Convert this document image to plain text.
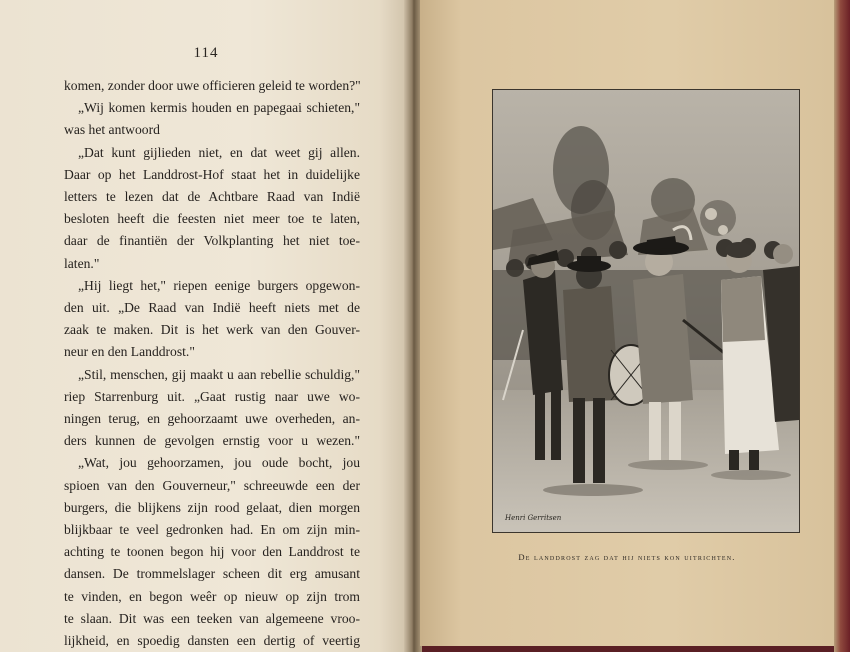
114
komen, zonder door uwe officieren geleid te worden?"
„Wij komen kermis houden en papegaai schieten,"
was het antwoord
„Dat kunt gijlieden niet, en dat weet gij allen.
Daar op het Landdrost-Hof staat het in duidelijke
letters te lezen dat de Achtbare Raad van Indië
besloten heeft die feesten niet meer toe te laten,
daar de finantiën der Volkplanting het niet toe-
laten."
„Hij liegt het," riepen eenige burgers opgewon-
den uit. „De Raad van Indië heeft niets met de
zaak te maken. Dit is het werk van den Gouver-
neur en den Landdrost."
„Stil, menschen, gij maakt u aan rebellie schuldig,"
riep Starrenburg uit. „Gaat rustig naar uwe wo-
ningen terug, en gehoorzaamt uwe overheden, an-
ders kunnen de gevolgen ernstig voor u wezen."
„Wat, jou gehoorzamen, jou oude bocht, jou
spioen van den Gouverneur," schreeuwde een der
burgers, die blijkens zijn rood gelaat, dien morgen
blijkbaar te veel gedronken had. En om zijn min-
achting te toonen begon hij voor den Landdrost te
dansen. De trommelslager scheen dit erg amusant
te vinden, en begon weêr op nieuw op zijn trom
te slaan. Dit was een teeken van algemeene vroo-
lijkheid, en spoedig dansten een dertig of veertig
Henri Gerritsen
De landdrost zag dat hij niets kon uitrichten.
